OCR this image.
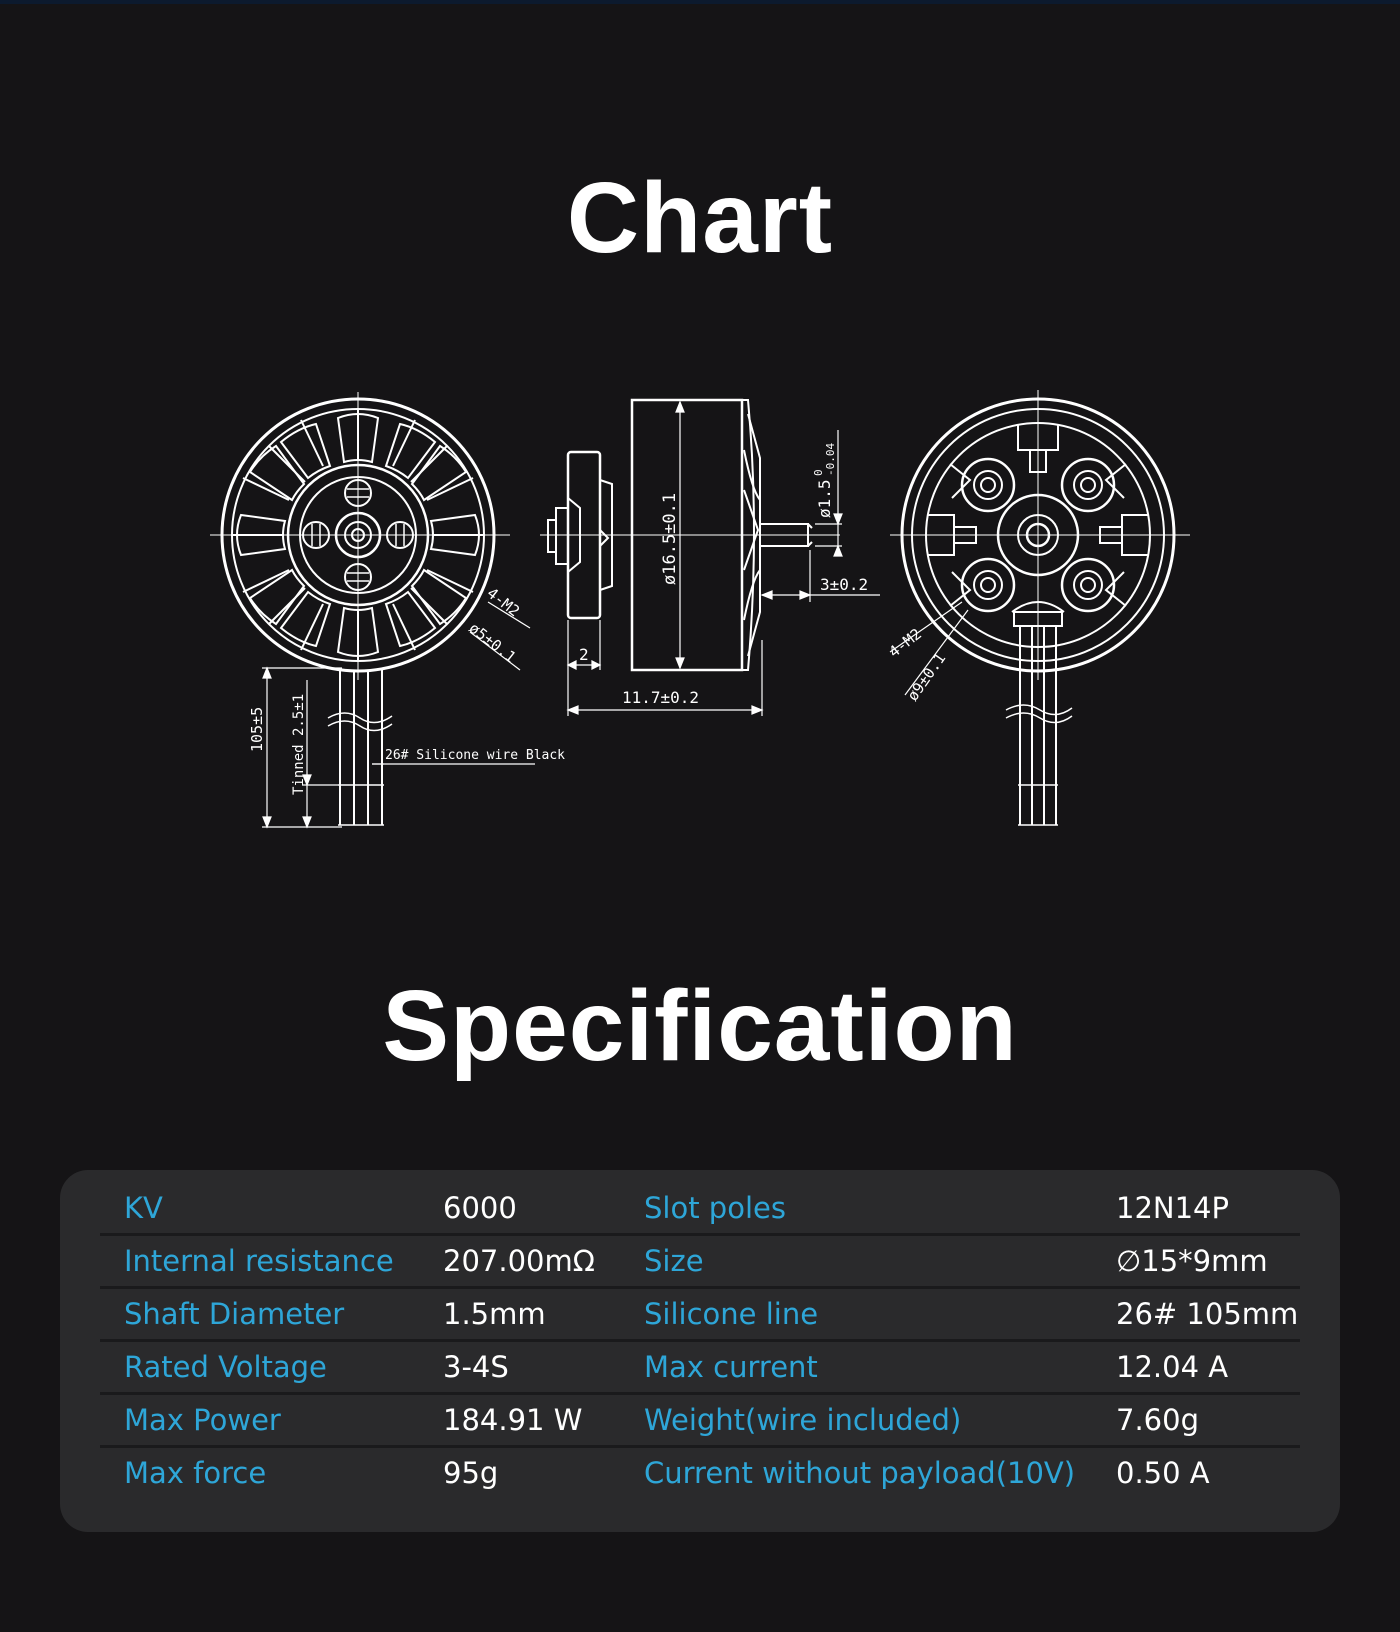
Chart
105±5 Tinned 2.5±1	26# Silicone wire Black
4-M2
ø5±0.1
ø16.5±0.1	ø1.5
0 -0.04
3±0.2
2
11.7±0.2
4-M2
ø9±0.1
Specification
KV	6000	Slot poles	12N14P
Internal resistance 207.00mΩ Size	∅15*9mm
Shaft Diameter	1.5mm	Silicone line	26# 105mm
Rated Voltage	3-4S	Max current	12.04 A
Max Power	184.91 W Weight(wire included)	7.60g
Max force	95g	Current without payload(10V) 0.50 A
